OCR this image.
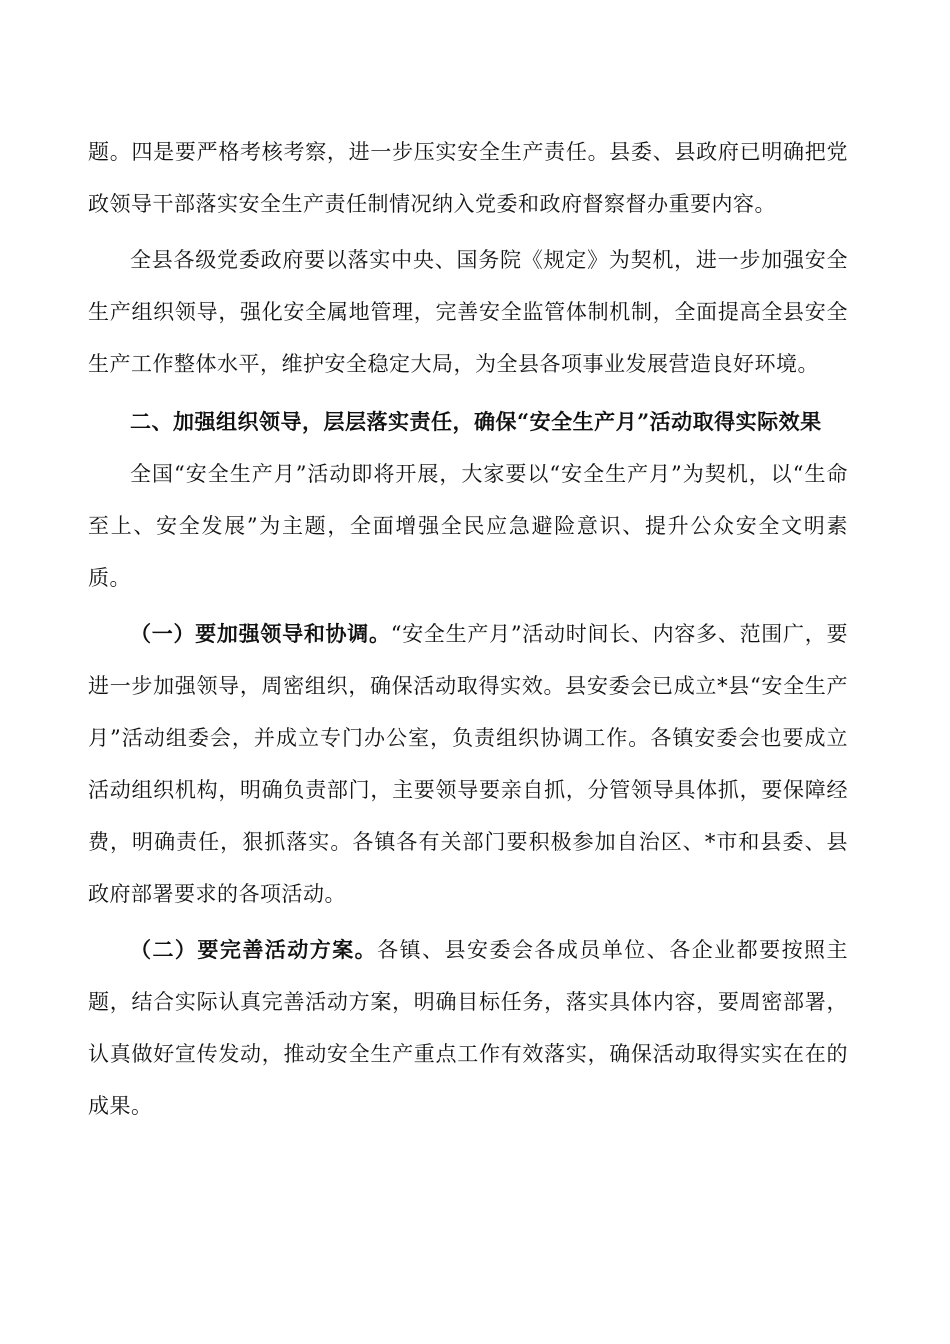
题。四是要严格考核考察，进一步压实安全生产责任。县委、县政府已明确把党政领导干部落实安全生产责任制情况纳入党委和政府督察督办重要内容。

全县各级党委政府要以落实中央、国务院《规定》为契机，进一步加强安全生产组织领导，强化安全属地管理，完善安全监管体制机制，全面提高全县安全生产工作整体水平，维护安全稳定大局，为全县各项事业发展营造良好环境。

二、加强组织领导，层层落实责任，确保“安全生产月”活动取得实际效果

全国“安全生产月”活动即将开展，大家要以“安全生产月”为契机，以“生命至上、安全发展”为主题，全面增强全民应急避险意识、提升公众安全文明素质。

（一）要加强领导和协调。“安全生产月”活动时间长、内容多、范围广，要进一步加强领导，周密组织，确保活动取得实效。县安委会已成立*县“安全生产月”活动组委会，并成立专门办公室，负责组织协调工作。各镇安委会也要成立活动组织机构，明确负责部门，主要领导要亲自抓，分管领导具体抓，要保障经费，明确责任，狠抓落实。各镇各有关部门要积极参加自治区、*市和县委、县政府部署要求的各项活动。

（二）要完善活动方案。各镇、县安委会各成员单位、各企业都要按照主题，结合实际认真完善活动方案，明确目标任务，落实具体内容，要周密部署，认真做好宣传发动，推动安全生产重点工作有效落实，确保活动取得实实在在的成果。
